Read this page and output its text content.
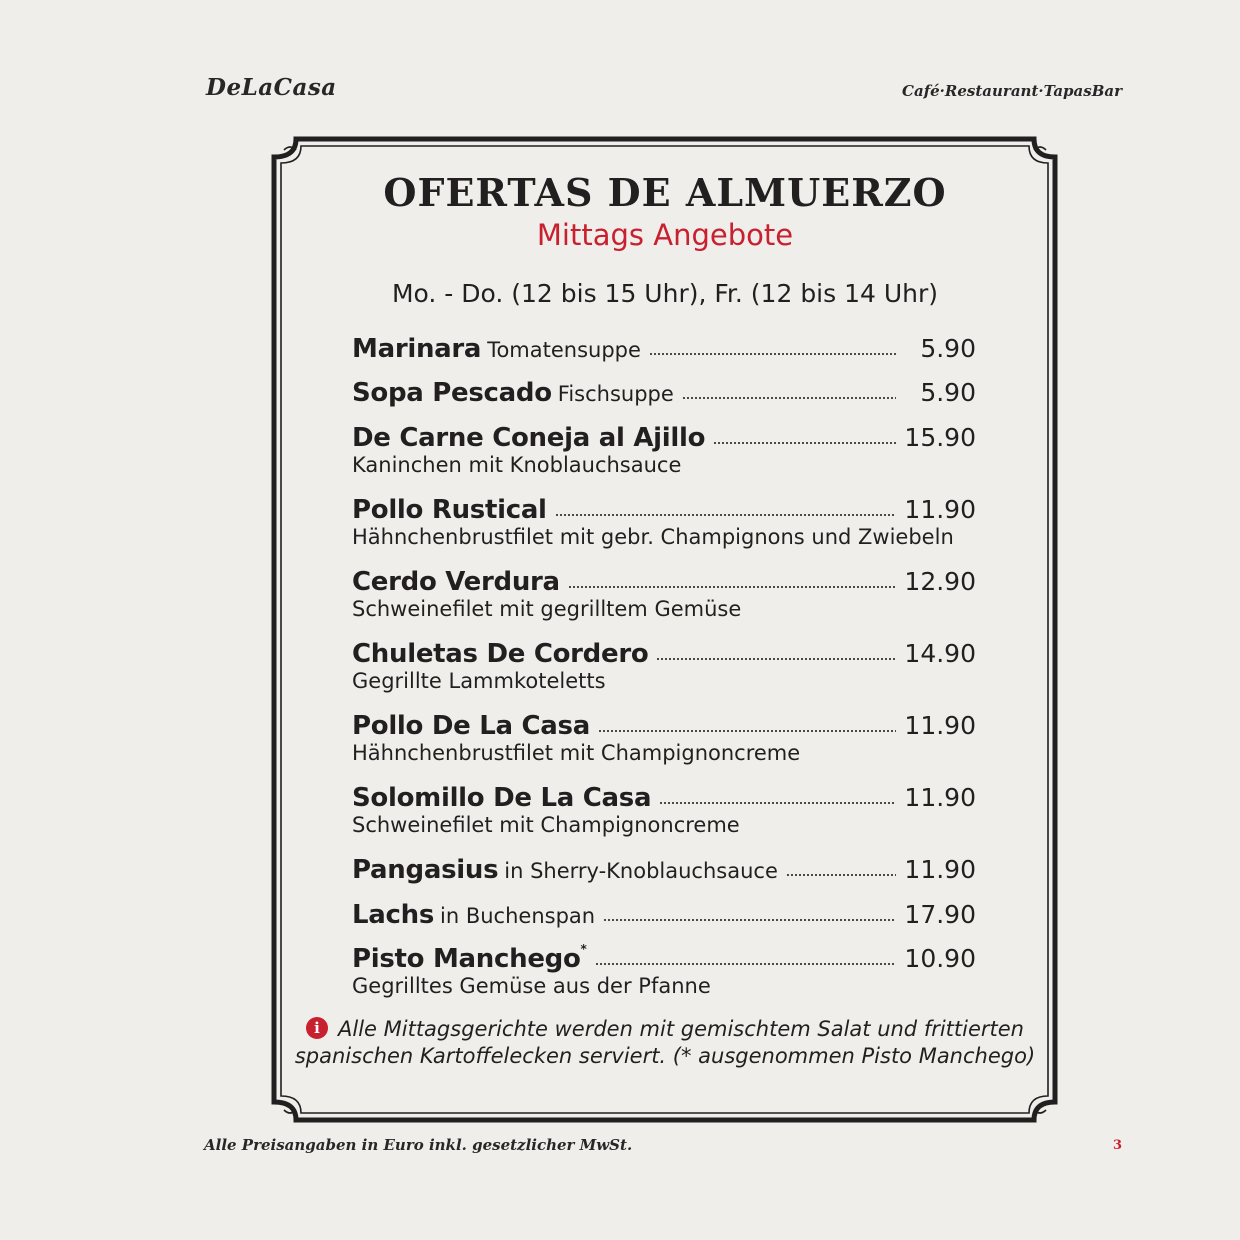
DeLaCasa	Café·Restaurant·TapasBar
OFERTAS DE ALMUERZO
Mittags Angebote
Mo. - Do. (12 bis 15 Uhr), Fr. (12 bis 14 Uhr)
Marinara Tomatensuppe	5.90
Sopa Pescado Fischsuppe	5.90
De Carne Coneja al Ajillo	15.90
Kaninchen mit Knoblauchsauce
Pollo Rustical	11.90
Hähnchenbrustfilet mit gebr. Champignons und Zwiebeln
Cerdo Verdura	12.90
Schweinefilet mit gegrilltem Gemüse
Chuletas De Cordero	14.90
Gegrillte Lammkoteletts
Pollo De La Casa	11.90
Hähnchenbrustfilet mit Champignoncreme
Solomillo De La Casa	11.90
Schweinefilet mit Champignoncreme
Pangasius in Sherry-Knoblauchsauce	11.90
Lachs in Buchenspan	17.90
Pisto Manchego*	10.90
Gegrilltes Gemüse aus der Pfanne
i Alle Mittagsgerichte werden mit gemischtem Salat und frittierten
spanischen Kartoffelecken serviert. (* ausgenommen Pisto Manchego)
Alle Preisangaben in Euro inkl. gesetzlicher MwSt.	3
